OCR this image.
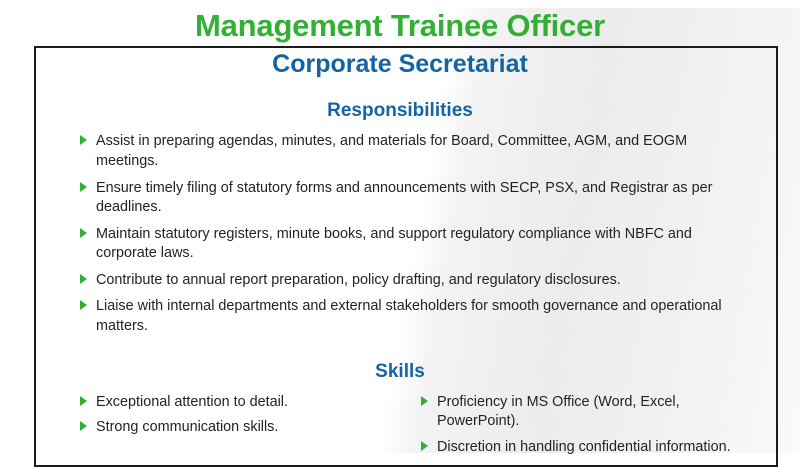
Management Trainee Officer
Corporate Secretariat
Responsibilities
Assist in preparing agendas, minutes, and materials for Board, Committee, AGM, and EOGM meetings.
Ensure timely filing of statutory forms and announcements with SECP, PSX, and Registrar as per deadlines.
Maintain statutory registers, minute books, and support regulatory compliance with NBFC and corporate laws.
Contribute to annual report preparation, policy drafting, and regulatory disclosures.
Liaise with internal departments and external stakeholders for smooth governance and operational matters.
Skills
Exceptional attention to detail.
Strong communication skills.
Proficiency in MS Office (Word, Excel, PowerPoint).
Discretion in handling confidential information.
